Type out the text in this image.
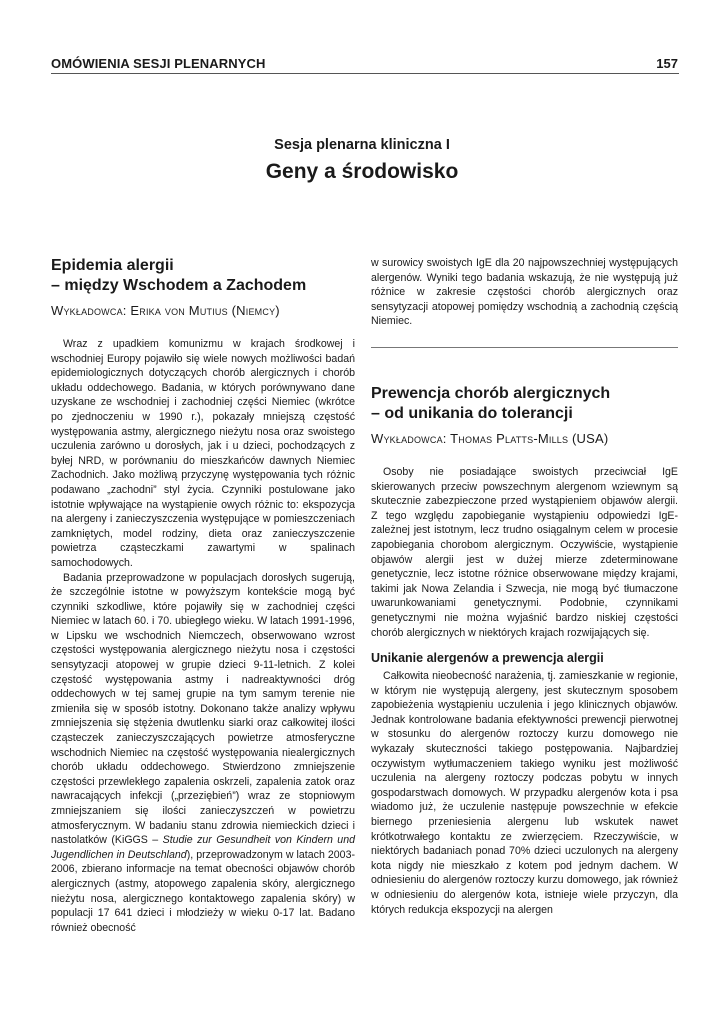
OMÓWIENIA SESJI PLENARNYCH	157
Sesja plenarna kliniczna I
Geny a środowisko
Epidemia alergii
– między Wschodem a Zachodem
Wykładowca: Erika von Mutius (Niemcy)

Wraz z upadkiem komunizmu w krajach środkowej i wschodniej Europy pojawiło się wiele nowych możliwości badań epidemiologicznych dotyczących chorób alergicznych i chorób układu oddechowego. Badania, w których porównywano dane uzyskane ze wschodniej i zachodniej części Niemiec (wkrótce po zjednoczeniu w 1990 r.), pokazały mniejszą częstość występowania astmy, alergicznego nieżytu nosa oraz swoistego uczulenia zarówno u dorosłych, jak i u dzieci, pochodzących z byłej NRD, w porównaniu do mieszkańców dawnych Niemiec Zachodnich. Jako możliwą przyczynę występowania tych różnic podawano „zachodni” styl życia. Czynniki postulowane jako istotnie wpływające na wystąpienie owych różnic to: ekspozycja na alergeny i zanieczyszczenia występujące w pomieszczeniach zamkniętych, model rodziny, dieta oraz zanieczyszczenie powietrza cząsteczkami zawartymi w spalinach samochodowych.

Badania przeprowadzone w populacjach dorosłych sugerują, że szczególnie istotne w powyższym kontekście mogą być czynniki szkodliwe, które pojawiły się w zachodniej części Niemiec w latach 60. i 70. ubiegłego wieku. W latach 1991-1996, w Lipsku we wschodnich Niemczech, obserwowano wzrost częstości występowania alergicznego nieżytu nosa i częstości sensytyzacji atopowej w grupie dzieci 9-11-letnich. Z kolei częstość występowania astmy i nadreaktywności dróg oddechowych w tej samej grupie na tym samym terenie nie zmieniła się w sposób istotny. Dokonano także analizy wpływu zmniejszenia się stężenia dwutlenku siarki oraz całkowitej ilości cząsteczek zanieczyszczających powietrze atmosferyczne wschodnich Niemiec na częstość występowania niealergicznych chorób układu oddechowego. Stwierdzono zmniejszenie częstości przewlekłego zapalenia oskrzeli, zapalenia zatok oraz nawracających infekcji („przeziębień”) wraz ze stopniowym zmniejszaniem się ilości zanieczyszczeń w powietrzu atmosferycznym. W badaniu stanu zdrowia niemieckich dzieci i nastolatków (KiGGS – Studie zur Gesundheit von Kindern und Jugendlichen in Deutschland), przeprowadzonym w latach 2003-2006, zbierano informacje na temat obecności objawów chorób alergicznych (astmy, atopowego zapalenia skóry, alergicznego nieżytu nosa, alergicznego kontaktowego zapalenia skóry) w populacji 17 641 dzieci i młodzieży w wieku 0-17 lat. Badano również obecność

w surowicy swoistych IgE dla 20 najpowszechniej występujących alergenów. Wyniki tego badania wskazują, że nie występują już różnice w zakresie częstości chorób alergicznych oraz sensytyzacji atopowej pomiędzy wschodnią a zachodnią częścią Niemiec.

Prewencja chorób alergicznych
– od unikania do tolerancji
Wykładowca: Thomas Platts-Mills (USA)

Osoby nie posiadające swoistych przeciwciał IgE skierowanych przeciw powszechnym alergenom wziewnym są skutecznie zabezpieczone przed wystąpieniem objawów alergii. Z tego względu zapobieganie wystąpieniu odpowiedzi IgE-zależnej jest istotnym, lecz trudno osiągalnym celem w procesie zapobiegania chorobom alergicznym. Oczywiście, wystąpienie objawów alergii jest w dużej mierze zdeterminowane genetycznie, lecz istotne różnice obserwowane między krajami, takimi jak Nowa Zelandia i Szwecja, nie mogą być tłumaczone uwarunkowaniami genetycznymi. Podobnie, czynnikami genetycznymi nie można wyjaśnić bardzo niskiej częstości chorób alergicznych w niektórych krajach rozwijających się.

Unikanie alergenów a prewencja alergii

Całkowita nieobecność narażenia, tj. zamieszkanie w regionie, w którym nie występują alergeny, jest skutecznym sposobem zapobieżenia wystąpieniu uczulenia i jego klinicznych objawów. Jednak kontrolowane badania efektywności prewencji pierwotnej w stosunku do alergenów roztoczy kurzu domowego nie wykazały skuteczności takiego postępowania. Najbardziej oczywistym wytłumaczeniem takiego wyniku jest możliwość uczulenia na alergeny roztoczy podczas pobytu w innych gospodarstwach domowych. W przypadku alergenów kota i psa wiadomo już, że uczulenie następuje powszechnie w efekcie biernego przeniesienia alergenu lub wskutek nawet krótkotrwałego kontaktu ze zwierzęciem. Rzeczywiście, w niektórych badaniach ponad 70% dzieci uczulonych na alergeny kota nigdy nie mieszkało z kotem pod jednym dachem. W odniesieniu do alergenów roztoczy kurzu domowego, jak również w odniesieniu do alergenów kota, istnieje wiele przyczyn, dla których redukcja ekspozycji na alergen
